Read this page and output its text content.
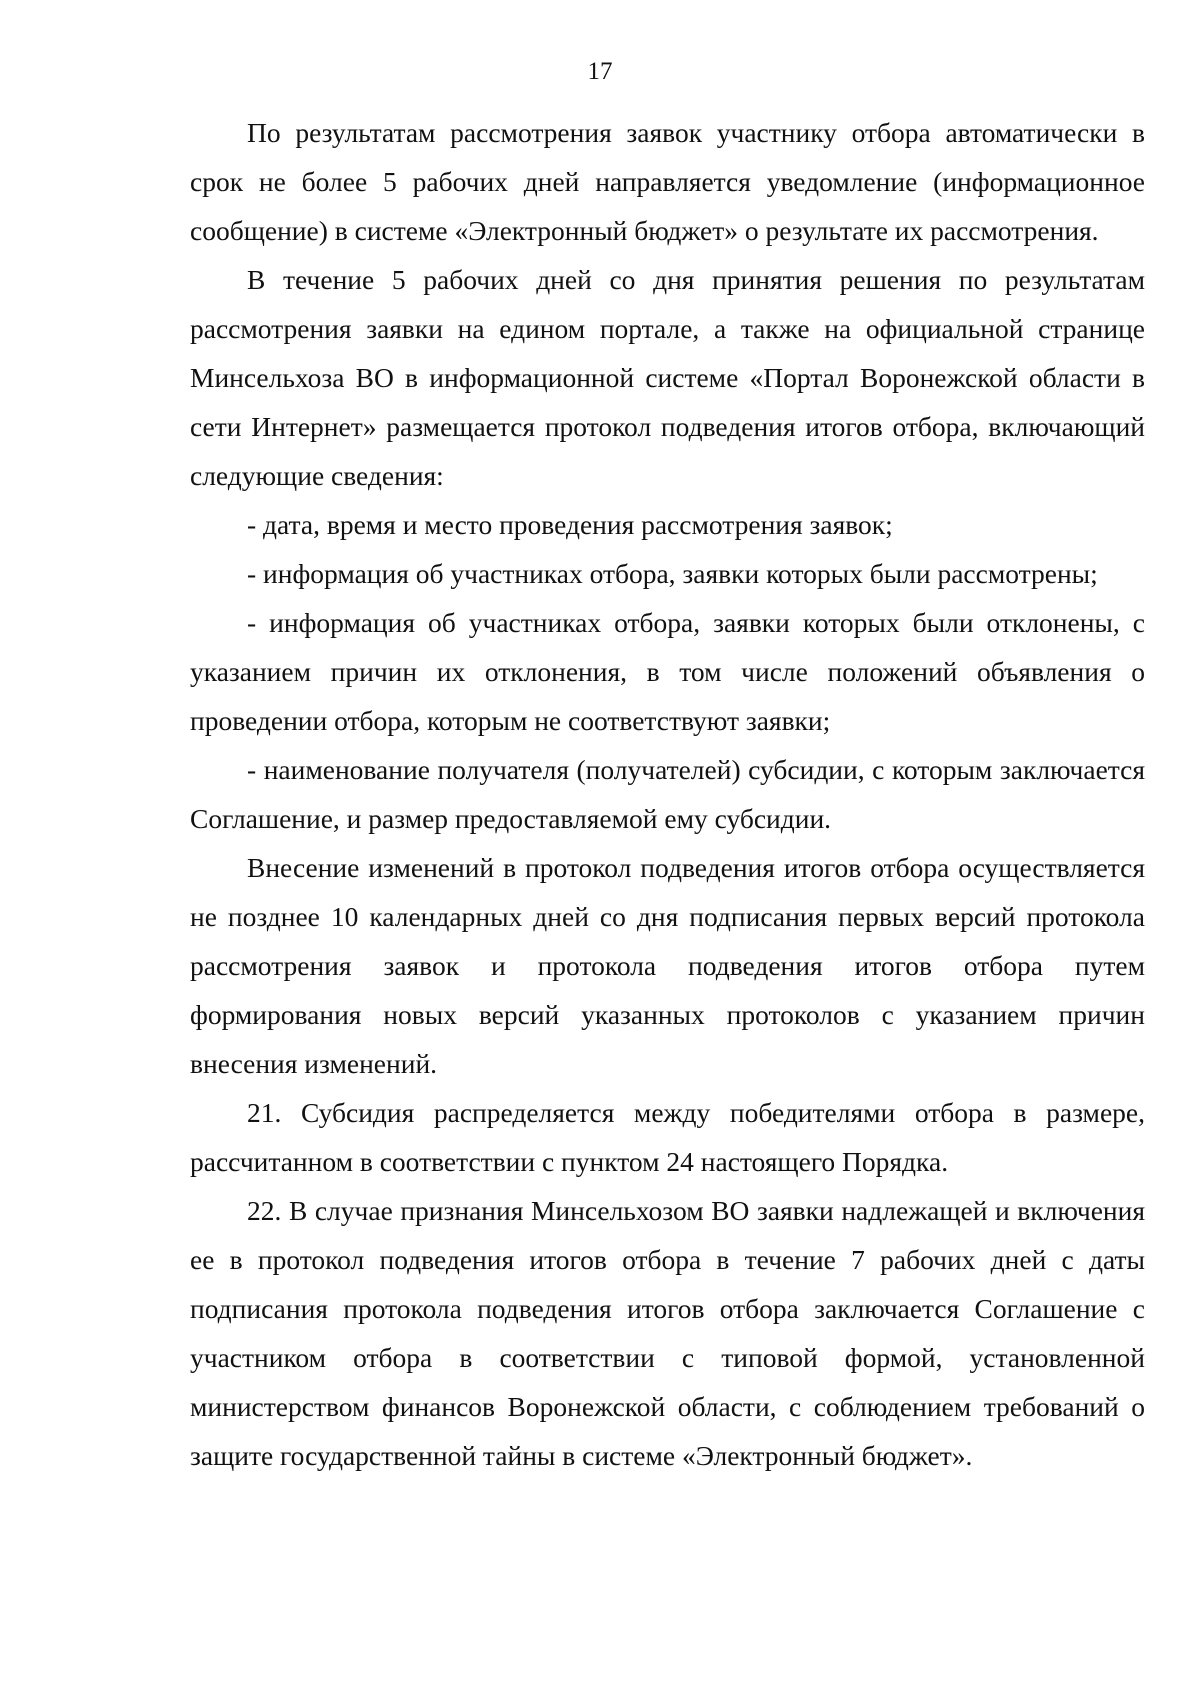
17

По результатам рассмотрения заявок участнику отбора автоматически в срок не более 5 рабочих дней направляется уведомление (информационное сообщение) в системе «Электронный бюджет» о результате их рассмотрения.

В течение 5 рабочих дней со дня принятия решения по результатам рассмотрения заявки на едином портале, а также на официальной странице Минсельхоза ВО в информационной системе «Портал Воронежской области в сети Интернет» размещается протокол подведения итогов отбора, включающий следующие сведения:

- дата, время и место проведения рассмотрения заявок;

- информация об участниках отбора, заявки которых были рассмотрены;

- информация об участниках отбора, заявки которых были отклонены, с указанием причин их отклонения, в том числе положений объявления о проведении отбора, которым не соответствуют заявки;

- наименование получателя (получателей) субсидии, с которым заключается Соглашение, и размер предоставляемой ему субсидии.

Внесение изменений в протокол подведения итогов отбора осуществляется не позднее 10 календарных дней со дня подписания первых версий протокола рассмотрения заявок и протокола подведения итогов отбора путем формирования новых версий указанных протоколов с указанием причин внесения изменений.

21. Субсидия распределяется между победителями отбора в размере, рассчитанном в соответствии с пунктом 24 настоящего Порядка.

22. В случае признания Минсельхозом ВО заявки надлежащей и включения ее в протокол подведения итогов отбора в течение 7 рабочих дней с даты подписания протокола подведения итогов отбора заключается Соглашение с участником отбора в соответствии с типовой формой, установленной министерством финансов Воронежской области, с соблюдением требований о защите государственной тайны в системе «Электронный бюджет».
